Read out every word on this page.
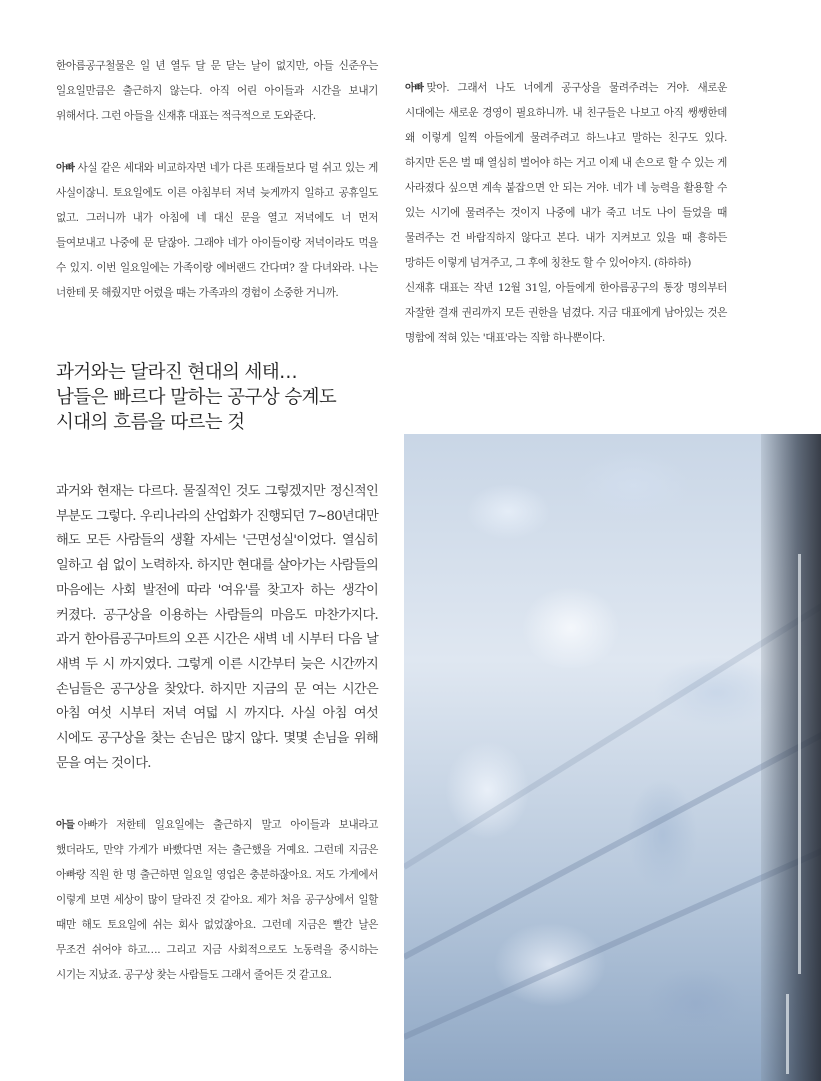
한아름공구철물은 일 년 열두 달 문 닫는 날이 없지만, 아들 신준우는 일요일만큼은 출근하지 않는다. 아직 어린 아이들과 시간을 보내기 위해서다. 그런 아들을 신재휴 대표는 적극적으로 도와준다.

아빠 사실 같은 세대와 비교하자면 네가 다른 또래들보다 덜 쉬고 있는 게 사실이잖니. 토요일에도 이른 아침부터 저녁 늦게까지 일하고 공휴일도 없고. 그러니까 내가 아침에 네 대신 문을 열고 저녁에도 너 먼저 들여보내고 나중에 문 닫잖아. 그래야 네가 아이들이랑 저녁이라도 먹을 수 있지. 이번 일요일에는 가족이랑 에버랜드 간다며? 잘 다녀와라. 나는 너한테 못 해줬지만 어렸을 때는 가족과의 경험이 소중한 거니까.

아빠 맞아. 그래서 나도 너에게 공구상을 물려주려는 거야. 새로운 시대에는 새로운 경영이 필요하니까. 내 친구들은 나보고 아직 쌩쌩한데 왜 이렇게 일찍 아들에게 물려주려고 하느냐고 말하는 친구도 있다. 하지만 돈은 벌 때 열심히 벌어야 하는 거고 이제 내 손으로 할 수 있는 게 사라졌다 싶으면 계속 붙잡으면 안 되는 거야. 네가 네 능력을 활용할 수 있는 시기에 물려주는 것이지 나중에 내가 죽고 너도 나이 들었을 때 물려주는 건 바람직하지 않다고 본다. 내가 지켜보고 있을 때 흥하든 망하든 이렇게 넘겨주고, 그 후에 칭찬도 할 수 있어야지. (하하하)

신재휴 대표는 작년 12월 31일, 아들에게 한아름공구의 통장 명의부터 자잘한 결재 권리까지 모든 권한을 넘겼다. 지금 대표에게 남아있는 것은 명함에 적혀 있는 '대표'라는 직함 하나뿐이다.

과거와는 달라진 현대의 세태…
남들은 빠르다 말하는 공구상 승계도
시대의 흐름을 따르는 것

과거와 현재는 다르다. 물질적인 것도 그렇겠지만 정신적인 부분도 그렇다. 우리나라의 산업화가 진행되던 7~80년대만 해도 모든 사람들의 생활 자세는 '근면성실'이었다. 열심히 일하고 쉼 없이 노력하자. 하지만 현대를 살아가는 사람들의 마음에는 사회 발전에 따라 '여유'를 찾고자 하는 생각이 커졌다. 공구상을 이용하는 사람들의 마음도 마찬가지다. 과거 한아름공구마트의 오픈 시간은 새벽 네 시부터 다음 날 새벽 두 시 까지였다. 그렇게 이른 시간부터 늦은 시간까지 손님들은 공구상을 찾았다. 하지만 지금의 문 여는 시간은 아침 여섯 시부터 저녁 여덟 시 까지다. 사실 아침 여섯 시에도 공구상을 찾는 손님은 많지 않다. 몇몇 손님을 위해 문을 여는 것이다.

아들 아빠가 저한테 일요일에는 출근하지 말고 아이들과 보내라고 했더라도, 만약 가게가 바빴다면 저는 출근했을 거예요. 그런데 지금은 아빠랑 직원 한 명 출근하면 일요일 영업은 충분하잖아요. 저도 가게에서 이렇게 보면 세상이 많이 달라진 것 같아요. 제가 처음 공구상에서 일할 때만 해도 토요일에 쉬는 회사 없었잖아요. 그런데 지금은 빨간 날은 무조건 쉬어야 하고…. 그리고 지금 사회적으로도 노동력을 중시하는 시기는 지났죠. 공구상 찾는 사람들도 그래서 줄어든 것 같고요.
